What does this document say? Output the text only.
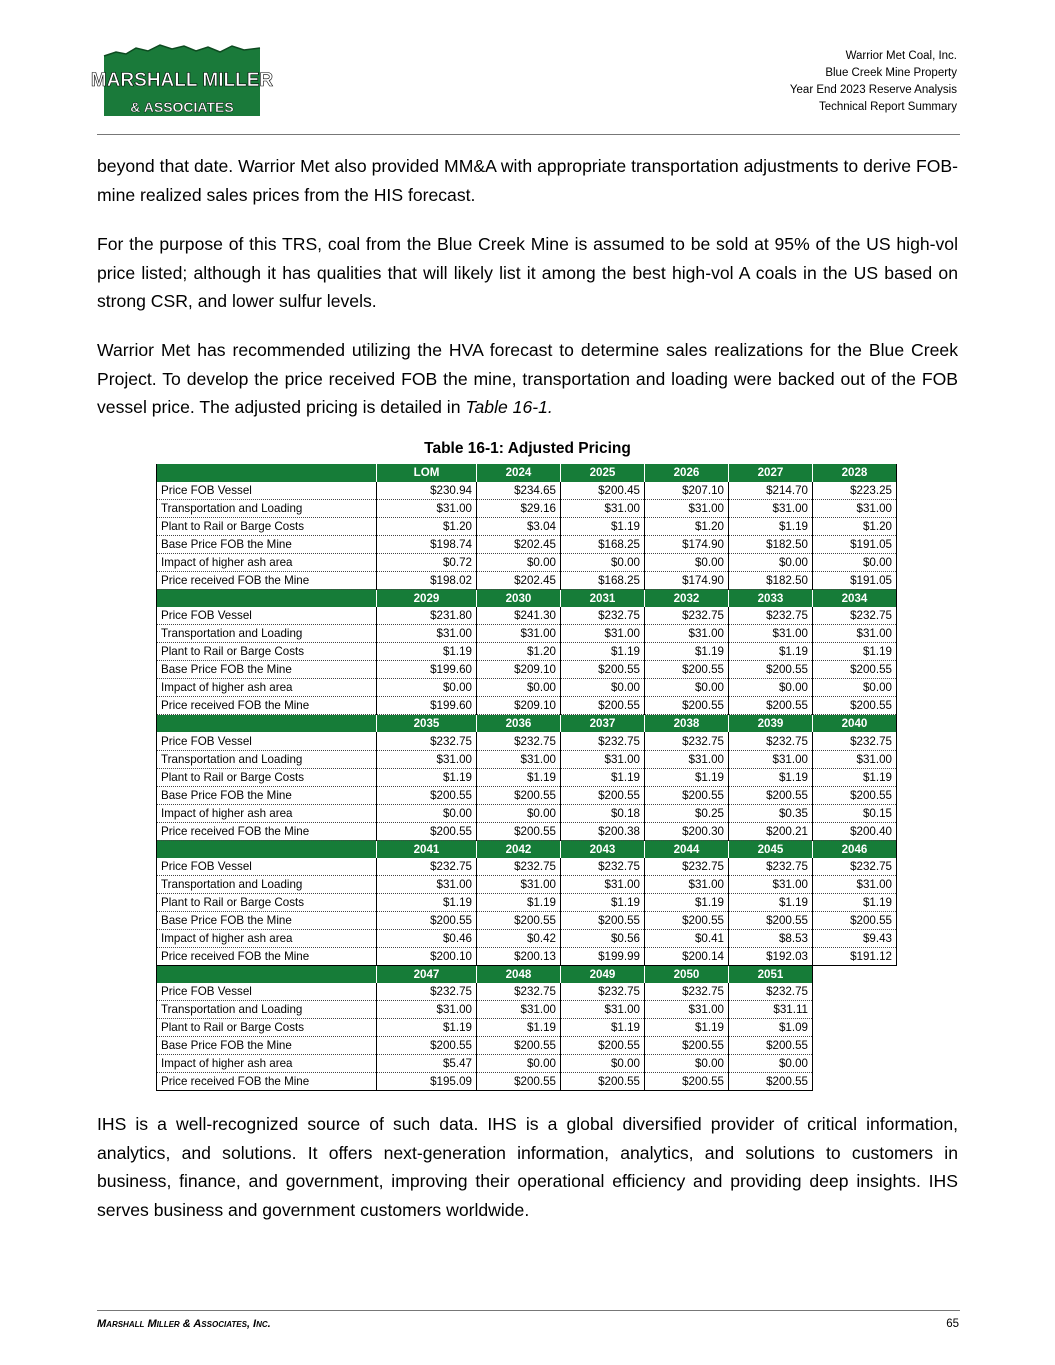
MARSHALL MILLER
& ASSOCIATES
Warrior Met Coal, Inc.
Blue Creek Mine Property
Year End 2023 Reserve Analysis
Technical Report Summary
beyond that date. Warrior Met also provided MM&A with appropriate transportation adjustments to derive FOB-mine realized sales prices from the HIS forecast.
For the purpose of this TRS, coal from the Blue Creek Mine is assumed to be sold at 95% of the US high-vol price listed; although it has qualities that will likely list it among the best high-vol A coals in the US based on strong CSR, and lower sulfur levels.
Warrior Met has recommended utilizing the HVA forecast to determine sales realizations for the Blue Creek Project. To develop the price received FOB the mine, transportation and loading were backed out of the FOB vessel price. The adjusted pricing is detailed in Table 16-1.
Table 16-1: Adjusted Pricing
	LOM	2024	2025	2026	2027	2028
Price FOB Vessel	$230.94	$234.65	$200.45	$207.10	$214.70	$223.25
Transportation and Loading	$31.00	$29.16	$31.00	$31.00	$31.00	$31.00
Plant to Rail or Barge Costs	$1.20	$3.04	$1.19	$1.20	$1.19	$1.20
Base Price FOB the Mine	$198.74	$202.45	$168.25	$174.90	$182.50	$191.05
Impact of higher ash area	$0.72	$0.00	$0.00	$0.00	$0.00	$0.00
Price received FOB the Mine	$198.02	$202.45	$168.25	$174.90	$182.50	$191.05
	2029	2030	2031	2032	2033	2034
Price FOB Vessel	$231.80	$241.30	$232.75	$232.75	$232.75	$232.75
Transportation and Loading	$31.00	$31.00	$31.00	$31.00	$31.00	$31.00
Plant to Rail or Barge Costs	$1.19	$1.20	$1.19	$1.19	$1.19	$1.19
Base Price FOB the Mine	$199.60	$209.10	$200.55	$200.55	$200.55	$200.55
Impact of higher ash area	$0.00	$0.00	$0.00	$0.00	$0.00	$0.00
Price received FOB the Mine	$199.60	$209.10	$200.55	$200.55	$200.55	$200.55
	2035	2036	2037	2038	2039	2040
Price FOB Vessel	$232.75	$232.75	$232.75	$232.75	$232.75	$232.75
Transportation and Loading	$31.00	$31.00	$31.00	$31.00	$31.00	$31.00
Plant to Rail or Barge Costs	$1.19	$1.19	$1.19	$1.19	$1.19	$1.19
Base Price FOB the Mine	$200.55	$200.55	$200.55	$200.55	$200.55	$200.55
Impact of higher ash area	$0.00	$0.00	$0.18	$0.25	$0.35	$0.15
Price received FOB the Mine	$200.55	$200.55	$200.38	$200.30	$200.21	$200.40
	2041	2042	2043	2044	2045	2046
Price FOB Vessel	$232.75	$232.75	$232.75	$232.75	$232.75	$232.75
Transportation and Loading	$31.00	$31.00	$31.00	$31.00	$31.00	$31.00
Plant to Rail or Barge Costs	$1.19	$1.19	$1.19	$1.19	$1.19	$1.19
Base Price FOB the Mine	$200.55	$200.55	$200.55	$200.55	$200.55	$200.55
Impact of higher ash area	$0.46	$0.42	$0.56	$0.41	$8.53	$9.43
Price received FOB the Mine	$200.10	$200.13	$199.99	$200.14	$192.03	$191.12
	2047	2048	2049	2050	2051	
Price FOB Vessel	$232.75	$232.75	$232.75	$232.75	$232.75	
Transportation and Loading	$31.00	$31.00	$31.00	$31.00	$31.11	
Plant to Rail or Barge Costs	$1.19	$1.19	$1.19	$1.19	$1.09	
Base Price FOB the Mine	$200.55	$200.55	$200.55	$200.55	$200.55	
Impact of higher ash area	$5.47	$0.00	$0.00	$0.00	$0.00	
Price received FOB the Mine	$195.09	$200.55	$200.55	$200.55	$200.55	
IHS is a well-recognized source of such data. IHS is a global diversified provider of critical information, analytics, and solutions. It offers next-generation information, analytics, and solutions to customers in business, finance, and government, improving their operational efficiency and providing deep insights. IHS serves business and government customers worldwide.
Marshall Miller & Associates, Inc.	65
